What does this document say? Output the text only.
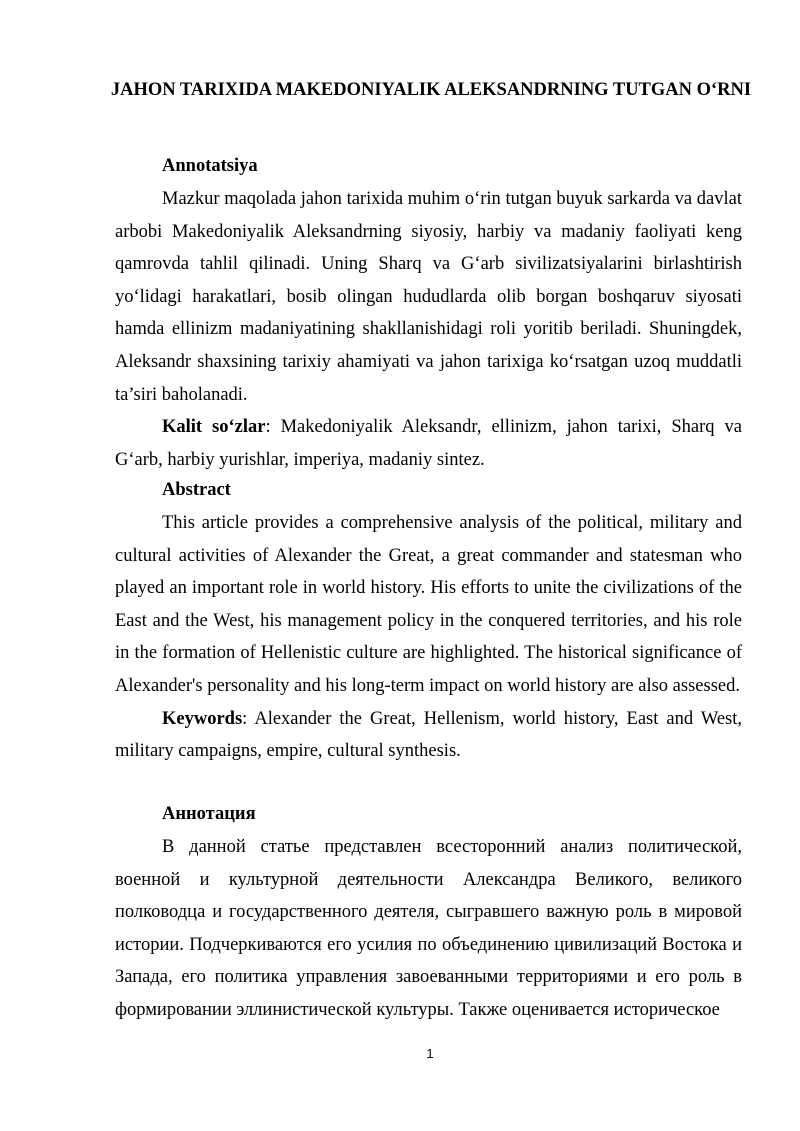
JAHON TARIXIDA MAKEDONIYALIK ALEKSANDRNING TUTGAN O‘RNI

Annotatsiya

Mazkur maqolada jahon tarixida muhim o‘rin tutgan buyuk sarkarda va davlat arbobi Makedoniyalik Aleksandrning siyosiy, harbiy va madaniy faoliyati keng qamrovda tahlil qilinadi. Uning Sharq va G‘arb sivilizatsiyalarini birlashtirish yo‘lidagi harakatlari, bosib olingan hududlarda olib borgan boshqaruv siyosati hamda ellinizm madaniyatining shakllanishidagi roli yoritib beriladi. Shuningdek, Aleksandr shaxsining tarixiy ahamiyati va jahon tarixiga ko‘rsatgan uzoq muddatli ta’siri baholanadi.

Kalit so‘zlar: Makedoniyalik Aleksandr, ellinizm, jahon tarixi, Sharq va G‘arb, harbiy yurishlar, imperiya, madaniy sintez.

Abstract

This article provides a comprehensive analysis of the political, military and cultural activities of Alexander the Great, a great commander and statesman who played an important role in world history. His efforts to unite the civilizations of the East and the West, his management policy in the conquered territories, and his role in the formation of Hellenistic culture are highlighted. The historical significance of Alexander's personality and his long-term impact on world history are also assessed.

Keywords: Alexander the Great, Hellenism, world history, East and West, military campaigns, empire, cultural synthesis.

Аннотация

В данной статье представлен всесторонний анализ политической, военной и культурной деятельности Александра Великого, великого полководца и государственного деятеля, сыгравшего важную роль в мировой истории. Подчеркиваются его усилия по объединению цивилизаций Востока и Запада, его политика управления завоеванными территориями и его роль в формировании эллинистической культуры. Также оценивается историческое

1
